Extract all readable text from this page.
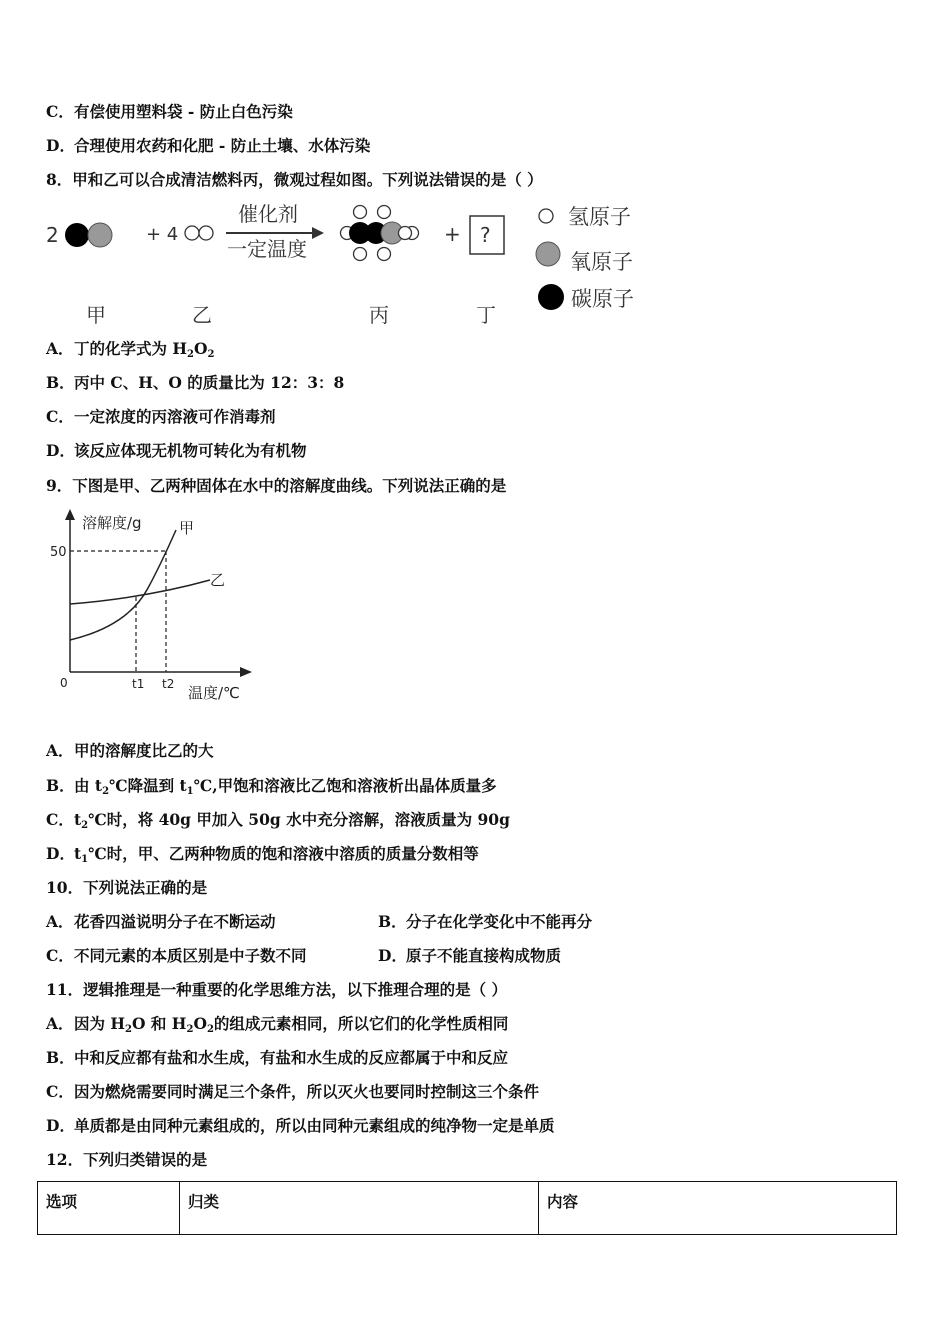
C．有偿使用塑料袋 - 防止白色污染
D．合理使用农药和化肥 - 防止土壤、水体污染
8．甲和乙可以合成清洁燃料丙，微观过程如图。下列说法错误的是（ ）
2	+ 4
催化剂
一定温度
+ ?
氢原子
氧原子
碳原子
甲	乙	丙	丁
A．丁的化学式为 $H_2O_2$
B．丙中 C、H、O 的质量比为 12：3：8
C．一定浓度的丙溶液可作消毒剂
D．该反应体现无机物可转化为有机物
9．下图是甲、乙两种固体在水中的溶解度曲线。下列说法正确的是
溶解度/g
温度/℃
0
50
t1 t2
甲
乙
A．甲的溶解度比乙的大
B．由 $t_2℃$降温到 $t_1℃$,甲饱和溶液比乙饱和溶液析出晶体质量多
C．$t_2℃$时，将 40g 甲加入 50g 水中充分溶解，溶液质量为 90g
D．$t_1℃$时，甲、乙两种物质的饱和溶液中溶质的质量分数相等
10．下列说法正确的是
A．花香四溢说明分子在不断运动	B．分子在化学变化中不能再分
C．不同元素的本质区别是中子数不同	D．原子不能直接构成物质
11．逻辑推理是一种重要的化学思维方法，以下推理合理的是（ ）
A．因为 $H_2O$ 和 $H_2O_2$的组成元素相同，所以它们的化学性质相同
B．中和反应都有盐和水生成，有盐和水生成的反应都属于中和反应
C．因为燃烧需要同时满足三个条件，所以灭火也要同时控制这三个条件
D．单质都是由同种元素组成的，所以由同种元素组成的纯净物一定是单质
12．下列归类错误的是
选项	归类	内容
